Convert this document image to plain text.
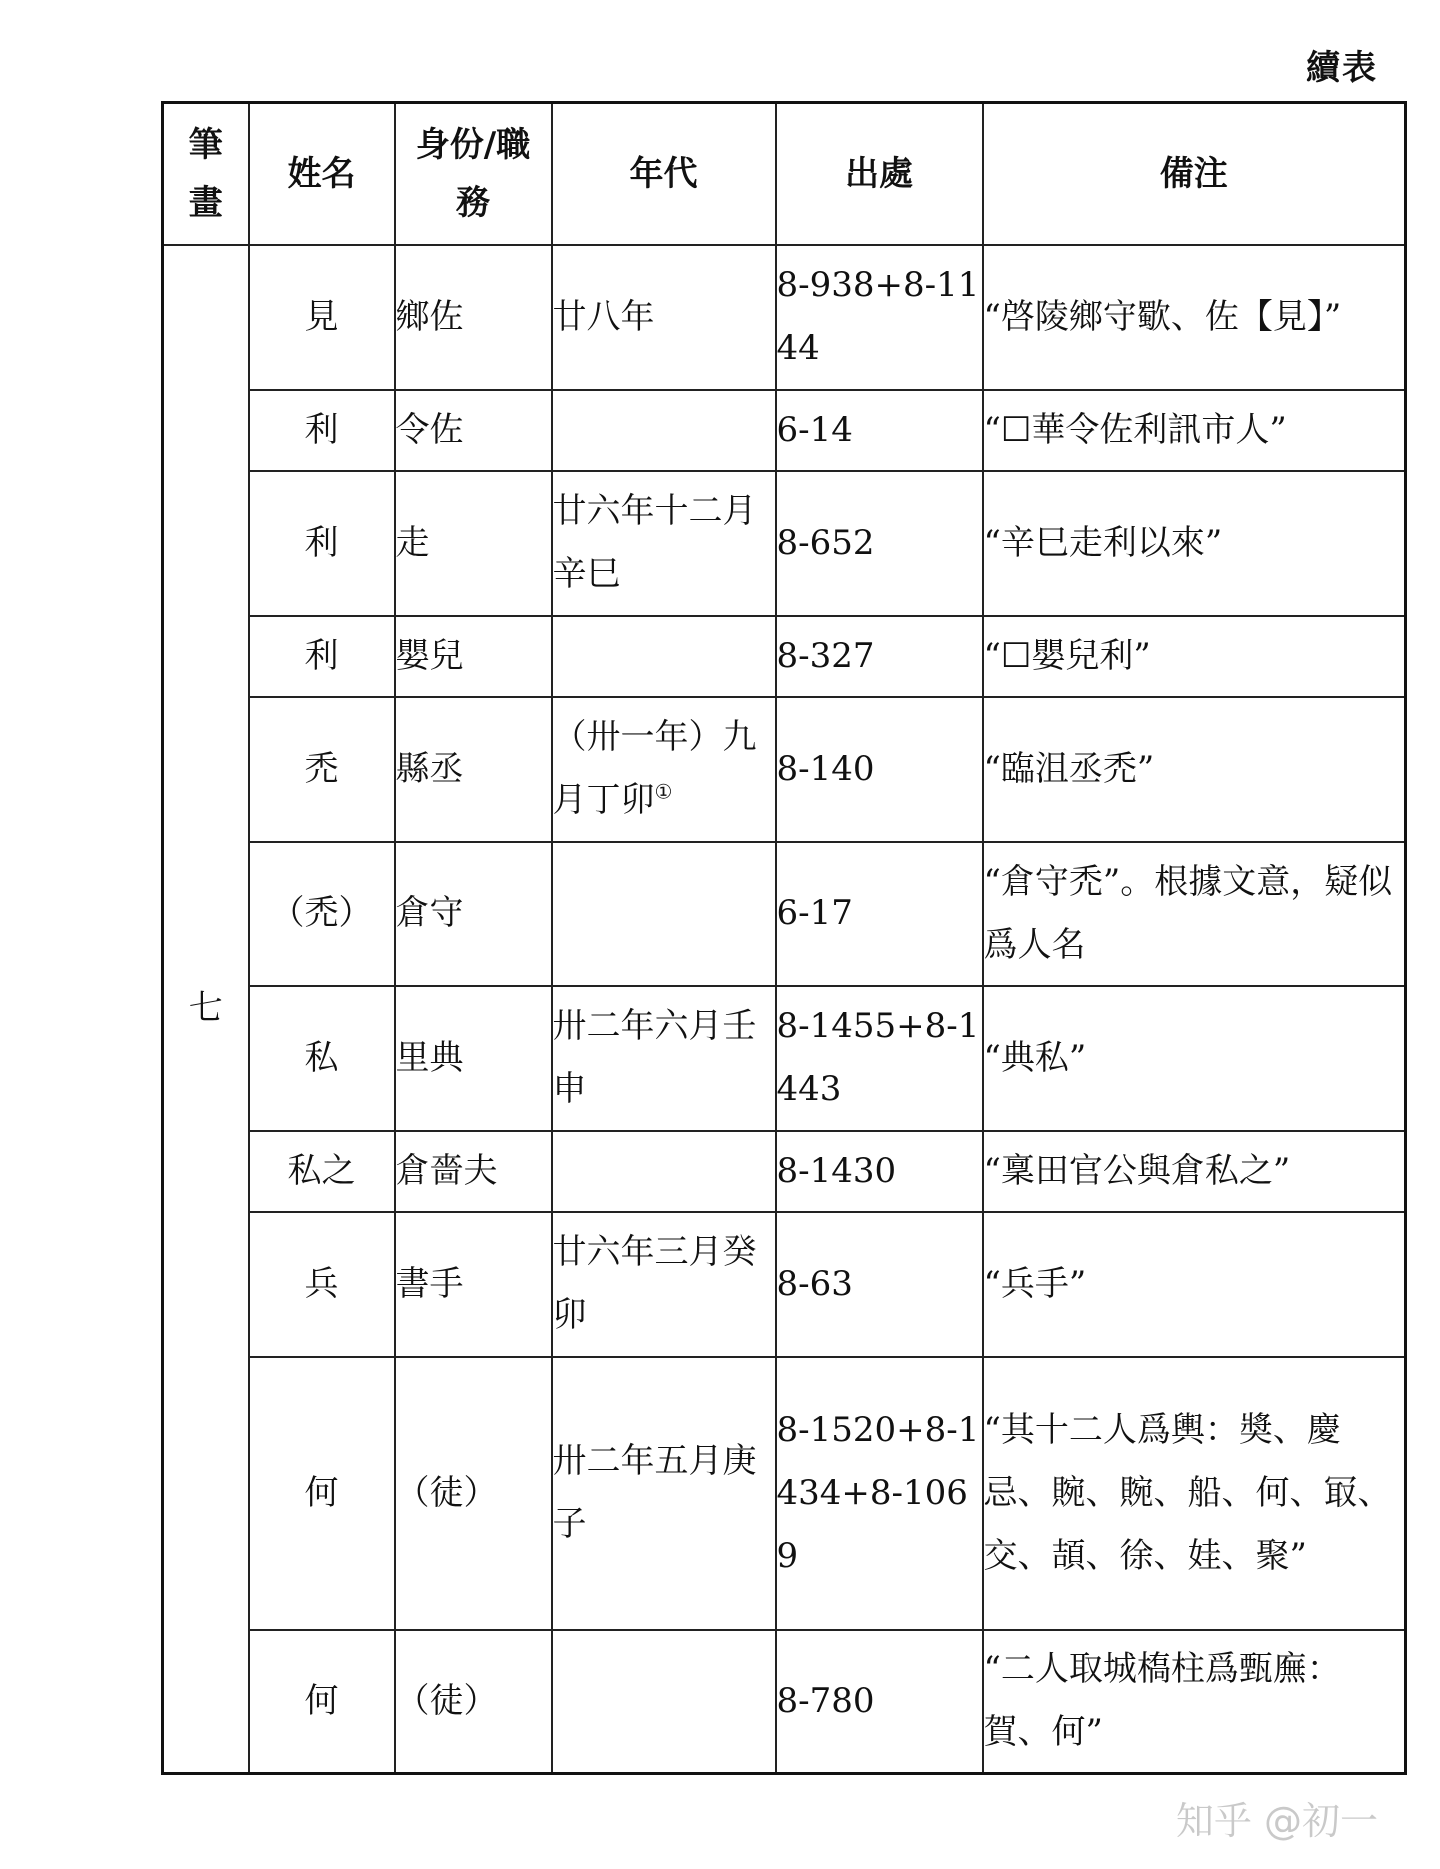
續表
筆
畫	姓名	身份/職務	年代	出處	備注
七	見	鄉佐	廿八年	8-938+8-1144	“啓陵鄉守歜、佐【見】”
	利	令佐		6-14	“☐華令佐利訊市人”
	利	走	廿六年十二月辛巳	8-652	“辛巳走利以來”
	利	嬰兒		8-327	“☐嬰兒利”
	禿	縣丞	（卅一年）九月丁卯①	8-140	“臨沮丞禿”
	（禿）	倉守		6-17	“倉守禿”。根據文意，疑似爲人名
	私	里典	卅二年六月壬申	8-1455+8-1443	“典私”
	私之	倉嗇夫		8-1430	“稟田官公與倉私之”
	兵	書手	廿六年三月癸卯	8-63	“兵手”
	何	（徒）	卅二年五月庚子	8-1520+8-1434+8-1069	“其十二人爲輿：奬、慶忌、䝹、䝹、船、何、冣、交、頡、徐、娃、聚”
	何	（徒）		8-780	“二人取城槗柱爲甄廡：賀、何”
知乎 @初一
